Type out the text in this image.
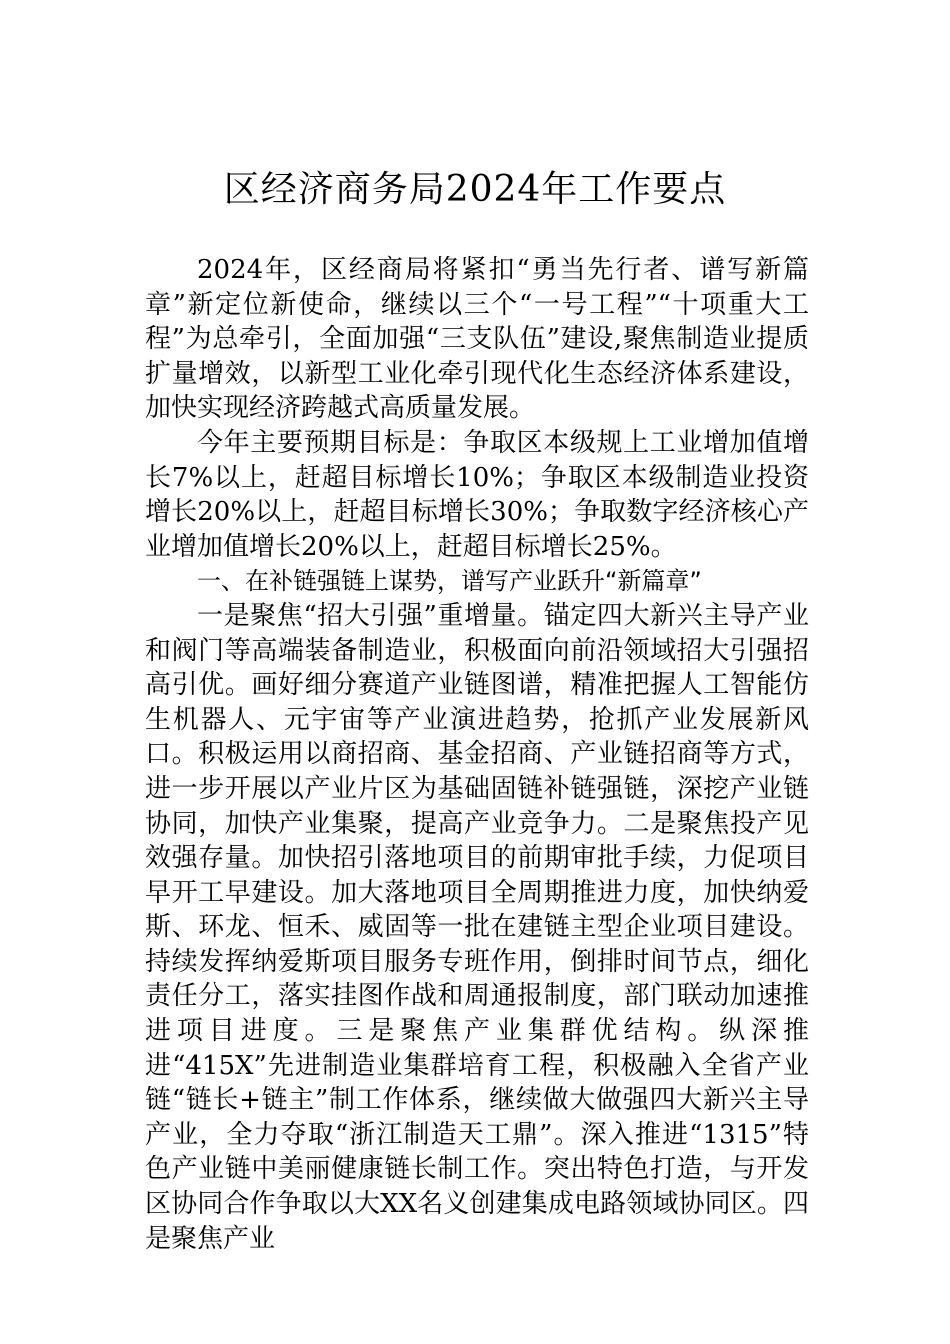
区经济商务局2024年工作要点

2024年，区经商局将紧扣“勇当先行者、谱写新篇章”新定位新使命，继续以三个“一号工程”“十项重大工程”为总牵引，全面加强“三支队伍”建设,聚焦制造业提质扩量增效，以新型工业化牵引现代化生态经济体系建设，加快实现经济跨越式高质量发展。

今年主要预期目标是：争取区本级规上工业增加值增长7%以上，赶超目标增长10%；争取区本级制造业投资增长20%以上，赶超目标增长30%；争取数字经济核心产业增加值增长20%以上，赶超目标增长25%。

一、在补链强链上谋势，谱写产业跃升“新篇章”

一是聚焦“招大引强”重增量。锚定四大新兴主导产业和阀门等高端装备制造业，积极面向前沿领域招大引强招高引优。画好细分赛道产业链图谱，精准把握人工智能仿生机器人、元宇宙等产业演进趋势，抢抓产业发展新风口。积极运用以商招商、基金招商、产业链招商等方式，进一步开展以产业片区为基础固链补链强链，深挖产业链协同，加快产业集聚，提高产业竞争力。二是聚焦投产见效强存量。加快招引落地项目的前期审批手续，力促项目早开工早建设。加大落地项目全周期推进力度，加快纳爱斯、环龙、恒禾、威固等一批在建链主型企业项目建设。持续发挥纳爱斯项目服务专班作用，倒排时间节点，细化责任分工，落实挂图作战和周通报制度，部门联动加速推进项目进度。三是聚焦产业集群优结构。纵深推进“415X”先进制造业集群培育工程，积极融入全省产业链“链长+链主”制工作体系，继续做大做强四大新兴主导产业，全力夺取“浙江制造天工鼎”。深入推进“1315”特色产业链中美丽健康链长制工作。突出特色打造，与开发区协同合作争取以大XX名义创建集成电路领域协同区。四是聚焦产业
